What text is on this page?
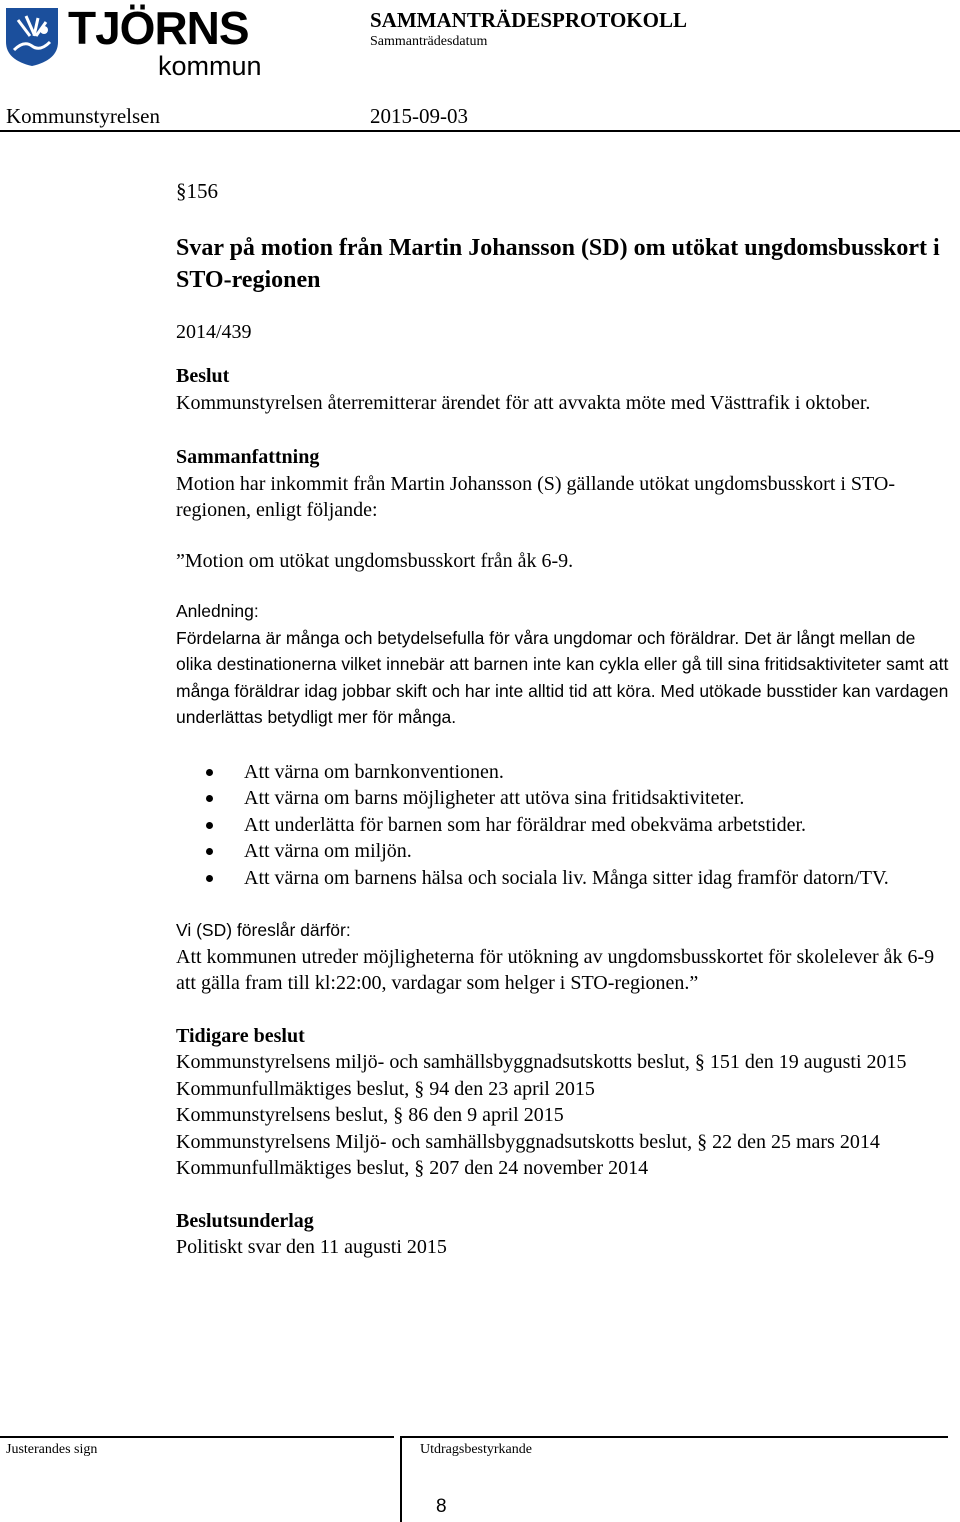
TJÖRNS
kommun
SAMMANTRÄDESPROTOKOLL
Sammanträdesdatum
Kommunstyrelsen	2015-09-03

§156

Svar på motion från Martin Johansson (SD) om utökat ungdomsbusskort i STO-regionen

2014/439

Beslut

Kommunstyrelsen återremitterar ärendet för att avvakta möte med Västtrafik i oktober.

Sammanfattning

Motion har inkommit från Martin Johansson (S) gällande utökat ungdomsbusskort i STO-regionen, enligt följande:

”Motion om utökat ungdomsbusskort från åk 6-9.

Anledning:

Fördelarna är många och betydelsefulla för våra ungdomar och föräldrar. Det är långt mellan de olika destinationerna vilket innebär att barnen inte kan cykla eller gå till sina fritidsaktiviteter samt att många föräldrar idag jobbar skift och har inte alltid tid att köra. Med utökade busstider kan vardagen underlättas betydligt mer för många.

Att värna om barnkonventionen.
Att värna om barns möjligheter att utöva sina fritidsaktiviteter.
Att underlätta för barnen som har föräldrar med obekväma arbetstider.
Att värna om miljön.
Att värna om barnens hälsa och sociala liv. Många sitter idag framför datorn/TV.

Vi (SD) föreslår därför:

Att kommunen utreder möjligheterna för utökning av ungdomsbusskortet för skolelever åk 6-9 att gälla fram till kl:22:00, vardagar som helger i STO-regionen.”

Tidigare beslut

Kommunstyrelsens miljö- och samhällsbyggnadsutskotts beslut, § 151 den 19 augusti 2015

Kommunfullmäktiges beslut, § 94 den 23 april 2015

Kommunstyrelsens beslut, § 86 den 9 april 2015

Kommunstyrelsens Miljö- och samhällsbyggnadsutskotts beslut, § 22 den 25 mars 2014

Kommunfullmäktiges beslut, § 207 den 24 november 2014

Beslutsunderlag

Politiskt svar den 11 augusti 2015

Justerandes sign	Utdragsbestyrkande
8
